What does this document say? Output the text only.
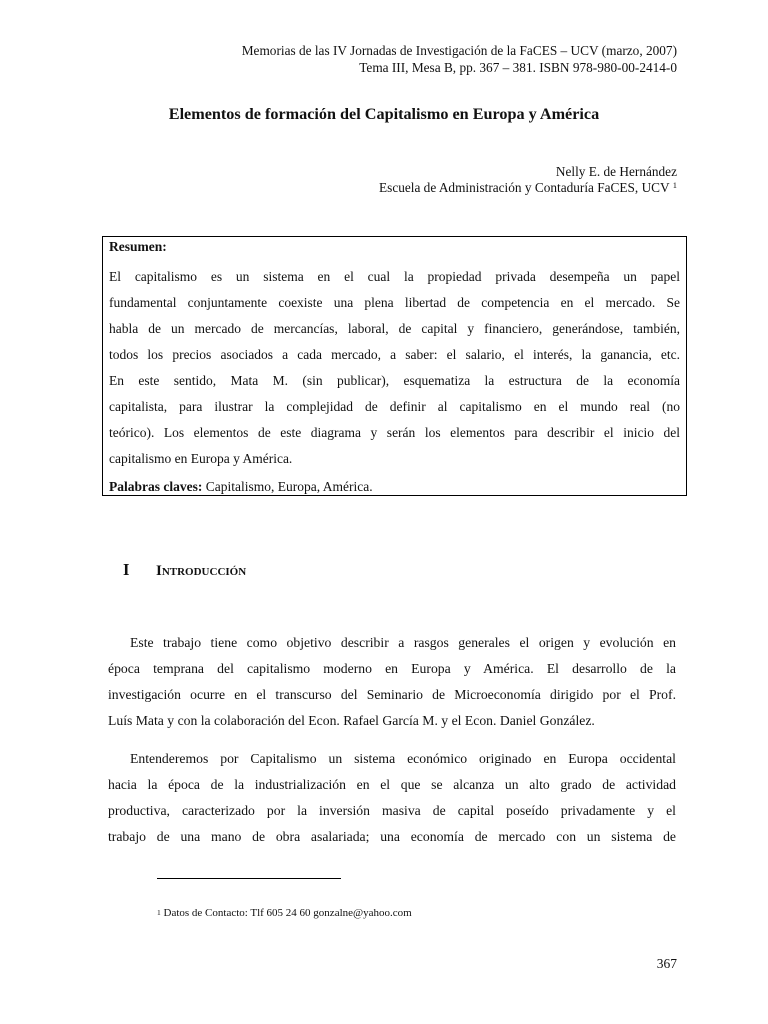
Memorias de las IV Jornadas de Investigación de la FaCES – UCV (marzo, 2007)
Tema III, Mesa B, pp. 367 – 381. ISBN 978-980-00-2414-0
Elementos de formación del Capitalismo en Europa y América
Nelly E. de Hernández
Escuela de Administración y Contaduría FaCES, UCV $^1$
Resumen:
El capitalismo es un sistema en el cual la propiedad privada desempeña un papel
fundamental conjuntamente coexiste una plena libertad de competencia en el mercado. Se
habla de un mercado de mercancías, laboral, de capital y financiero, generándose, también,
todos los precios asociados a cada mercado, a saber: el salario, el interés, la ganancia, etc.
En este sentido, Mata M. (sin publicar), esquematiza la estructura de la economía
capitalista, para ilustrar la complejidad de definir al capitalismo en el mundo real (no
teórico). Los elementos de este diagrama y serán los elementos para describir el inicio del
capitalismo en Europa y América.
Palabras claves: Capitalismo, Europa, América.
I Introducción
Este trabajo tiene como objetivo describir a rasgos generales el origen y evolución en
época temprana del capitalismo moderno en Europa y América. El desarrollo de la
investigación ocurre en el transcurso del Seminario de Microeconomía dirigido por el Prof.
Luís Mata y con la colaboración del Econ. Rafael García M. y el Econ. Daniel González.
Entenderemos por Capitalismo un sistema económico originado en Europa occidental
hacia la época de la industrialización en el que se alcanza un alto grado de actividad
productiva, caracterizado por la inversión masiva de capital poseído privadamente y el
trabajo de una mano de obra asalariada; una economía de mercado con un sistema de
$^1$ Datos de Contacto: Tlf 605 24 60 gonzalne@yahoo.com
367
